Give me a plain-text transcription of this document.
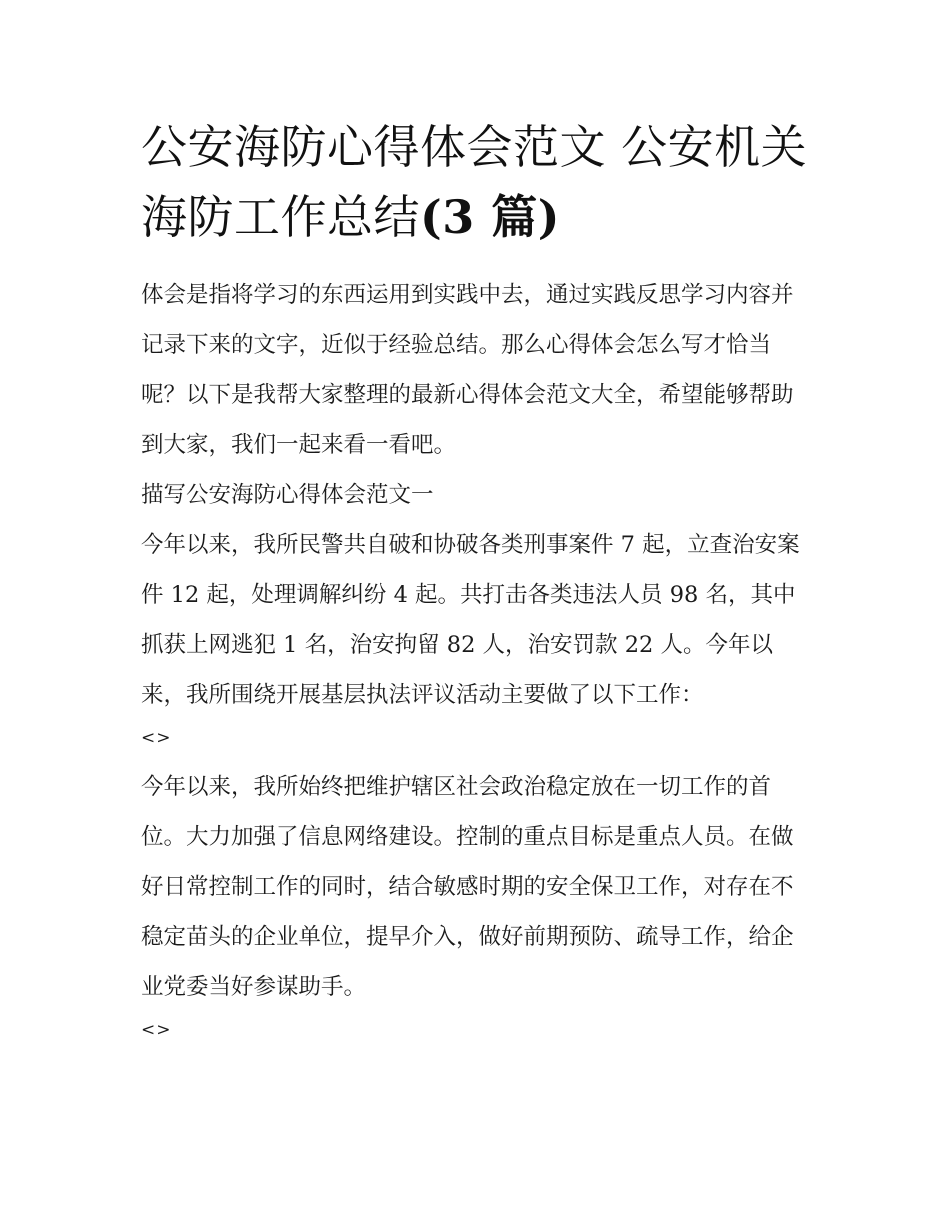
公安海防心得体会范文 公安机关海防工作总结(3 篇)

体会是指将学习的东西运用到实践中去，通过实践反思学习内容并记录下来的文字，近似于经验总结。那么心得体会怎么写才恰当呢？以下是我帮大家整理的最新心得体会范文大全，希望能够帮助到大家，我们一起来看一看吧。

描写公安海防心得体会范文一

今年以来，我所民警共自破和协破各类刑事案件 7 起，立查治安案件 12 起，处理调解纠纷 4 起。共打击各类违法人员 98 名，其中抓获上网逃犯 1 名，治安拘留 82 人，治安罚款 22 人。今年以来，我所围绕开展基层执法评议活动主要做了以下工作：

<>

今年以来，我所始终把维护辖区社会政治稳定放在一切工作的首位。大力加强了信息网络建设。控制的重点目标是重点人员。在做好日常控制工作的同时，结合敏感时期的安全保卫工作，对存在不稳定苗头的企业单位，提早介入，做好前期预防、疏导工作，给企业党委当好参谋助手。

<>
